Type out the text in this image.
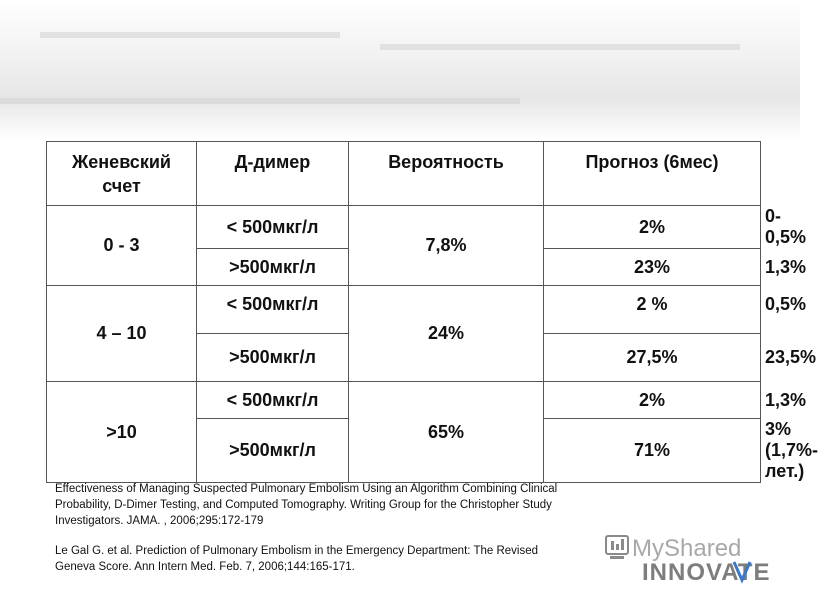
Женевский счет	Д-димер	Вероятность	Прогноз (6мес)	
0 - 3	< 500мкг/л	7,8%	2%	0- 0,5%
	>500мкг/л		23%	1,3%
4 – 10	< 500мкг/л	24%	2 %	0,5%
	>500мкг/л		27,5%	23,5%
>10	< 500мкг/л	65%	2%	1,3%
	>500мкг/л		71%	3%(1,7%-лет.)

Effectiveness of Managing Suspected Pulmonary Embolism Using an Algorithm Combining Clinical Probability, D-Dimer Testing, and Computed Tomography. Writing Group for the Christopher Study Investigators. JAMA. , 2006;295:172-179

Le Gal G. et al. Prediction of Pulmonary Embolism in the Emergency Department: The Revised Geneva Score. Ann Intern Med. Feb. 7, 2006;144:165-171.

MyShared
INNOVATE
